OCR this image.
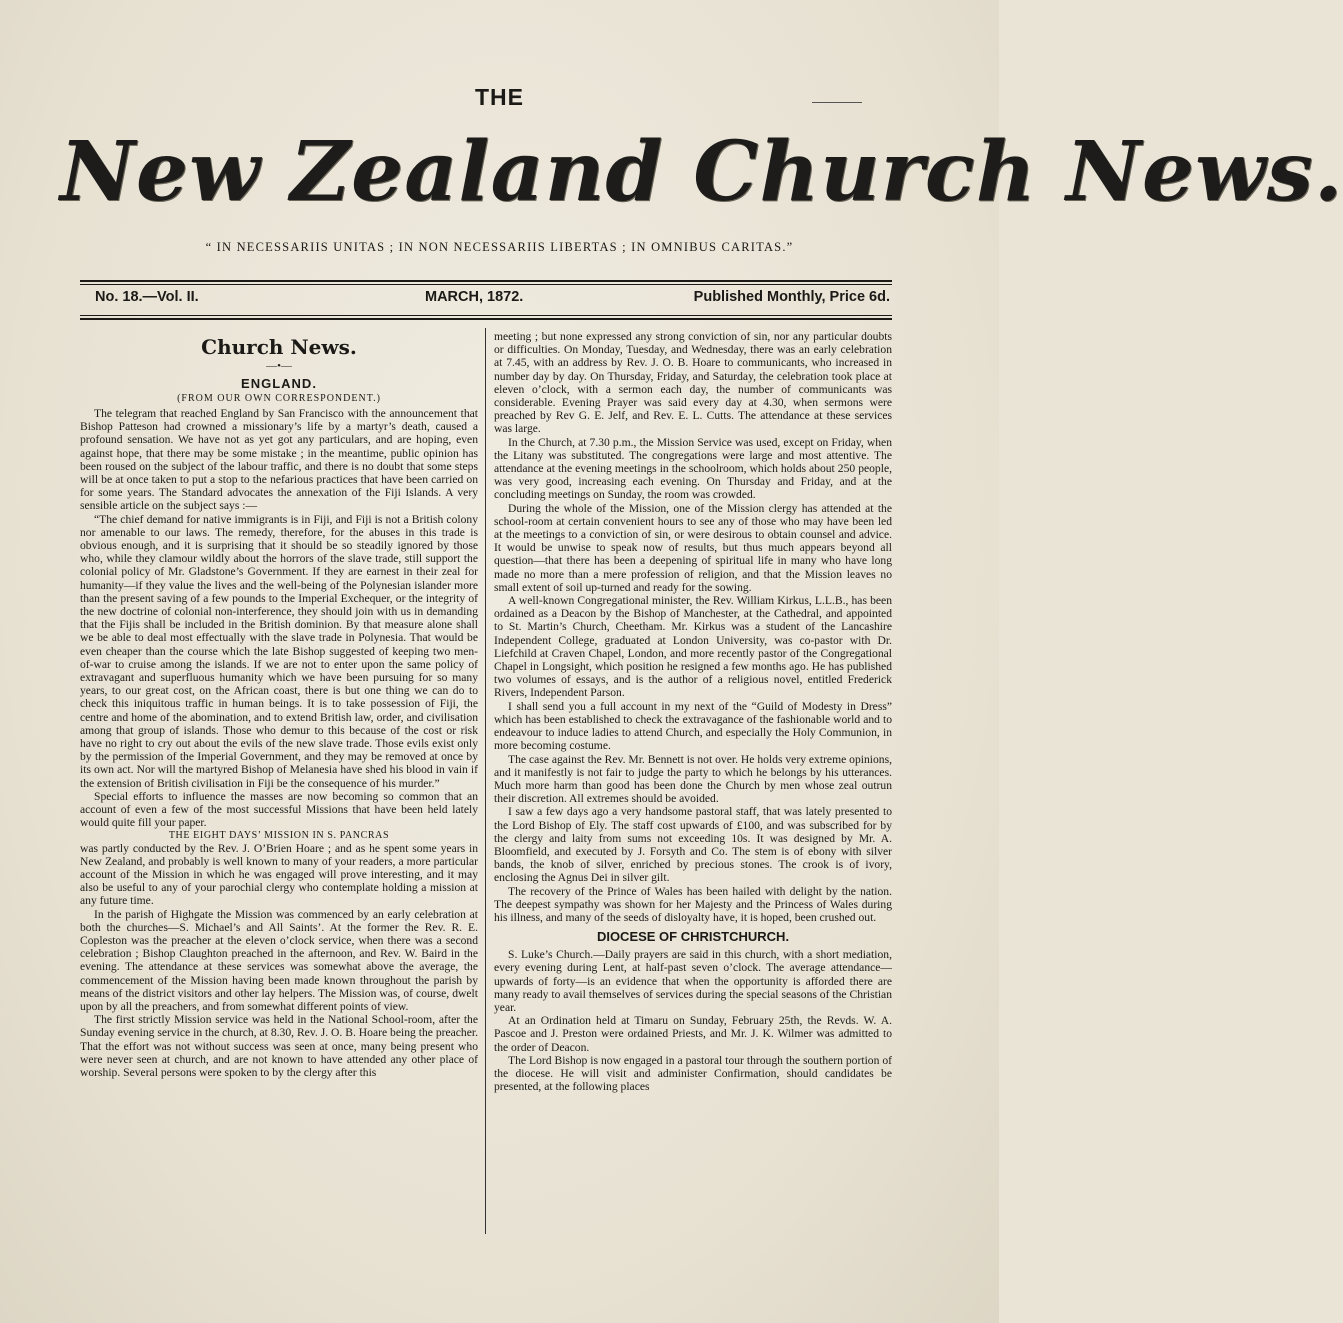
THE
New Zealand Church News.
“ IN NECESSARIIS UNITAS ; IN NON NECESSARIIS LIBERTAS ; IN OMNIBUS CARITAS.”
No. 18.—Vol. II.	MARCH, 1872.	Published Monthly, Price 6d.
Church News.
—•—
ENGLAND.
(FROM OUR OWN CORRESPONDENT.)

The telegram that reached England by San Francisco with the announcement that Bishop Patteson had crowned a missionary’s life by a martyr’s death, caused a profound sensation. We have not as yet got any particulars, and are hoping, even against hope, that there may be some mistake ; in the meantime, public opinion has been roused on the subject of the labour traffic, and there is no doubt that some steps will be at once taken to put a stop to the nefarious practices that have been carried on for some years. The Standard advocates the annexation of the Fiji Islands. A very sensible article on the subject says :—

“The chief demand for native immigrants is in Fiji, and Fiji is not a British colony nor amenable to our laws. The remedy, therefore, for the abuses in this trade is obvious enough, and it is surprising that it should be so steadily ignored by those who, while they clamour wildly about the horrors of the slave trade, still support the colonial policy of Mr. Gladstone’s Government. If they are earnest in their zeal for humanity—if they value the lives and the well-being of the Polynesian islander more than the present saving of a few pounds to the Imperial Exchequer, or the integrity of the new doctrine of colonial non-interference, they should join with us in demanding that the Fijis shall be included in the British dominion. By that measure alone shall we be able to deal most effectually with the slave trade in Polynesia. That would be even cheaper than the course which the late Bishop suggested of keeping two men-of-war to cruise among the islands. If we are not to enter upon the same policy of extravagant and superfluous humanity which we have been pursuing for so many years, to our great cost, on the African coast, there is but one thing we can do to check this iniquitous traffic in human beings. It is to take possession of Fiji, the centre and home of the abomination, and to extend British law, order, and civilisation among that group of islands. Those who demur to this because of the cost or risk have no right to cry out about the evils of the new slave trade. Those evils exist only by the permission of the Imperial Government, and they may be removed at once by its own act. Nor will the martyred Bishop of Melanesia have shed his blood in vain if the extension of British civilisation in Fiji be the consequence of his murder.”

Special efforts to influence the masses are now becoming so common that an account of even a few of the most successful Missions that have been held lately would quite fill your paper.

THE EIGHT DAYS’ MISSION IN S. PANCRAS

was partly conducted by the Rev. J. O’Brien Hoare ; and as he spent some years in New Zealand, and probably is well known to many of your readers, a more particular account of the Mission in which he was engaged will prove interesting, and it may also be useful to any of your parochial clergy who contemplate holding a mission at any future time.

In the parish of Highgate the Mission was commenced by an early celebration at both the churches—S. Michael’s and All Saints’. At the former the Rev. R. E. Copleston was the preacher at the eleven o’clock service, when there was a second celebration ; Bishop Claughton preached in the afternoon, and Rev. W. Baird in the evening. The attendance at these services was somewhat above the average, the commencement of the Mission having been made known throughout the parish by means of the district visitors and other lay helpers. The Mission was, of course, dwelt upon by all the preachers, and from somewhat different points of view.

The first strictly Mission service was held in the National School-room, after the Sunday evening service in the church, at 8.30, Rev. J. O. B. Hoare being the preacher. That the effort was not without success was seen at once, many being present who were never seen at church, and are not known to have attended any other place of worship. Several persons were spoken to by the clergy after this

meeting ; but none expressed any strong conviction of sin, nor any particular doubts or difficulties. On Monday, Tuesday, and Wednesday, there was an early celebration at 7.45, with an address by Rev. J. O. B. Hoare to communicants, who increased in number day by day. On Thursday, Friday, and Saturday, the celebration took place at eleven o’clock, with a sermon each day, the number of communicants was considerable. Evening Prayer was said every day at 4.30, when sermons were preached by Rev G. E. Jelf, and Rev. E. L. Cutts. The attendance at these services was large.

In the Church, at 7.30 p.m., the Mission Service was used, except on Friday, when the Litany was substituted. The congregations were large and most attentive. The attendance at the evening meetings in the schoolroom, which holds about 250 people, was very good, increasing each evening. On Thursday and Friday, and at the concluding meetings on Sunday, the room was crowded.

During the whole of the Mission, one of the Mission clergy has attended at the school-room at certain convenient hours to see any of those who may have been led at the meetings to a conviction of sin, or were desirous to obtain counsel and advice. It would be unwise to speak now of results, but thus much appears beyond all question—that there has been a deepening of spiritual life in many who have long made no more than a mere profession of religion, and that the Mission leaves no small extent of soil up-turned and ready for the sowing.

A well-known Congregational minister, the Rev. William Kirkus, L.L.B., has been ordained as a Deacon by the Bishop of Manchester, at the Cathedral, and appointed to St. Martin’s Church, Cheetham. Mr. Kirkus was a student of the Lancashire Independent College, graduated at London University, was co-pastor with Dr. Liefchild at Craven Chapel, London, and more recently pastor of the Congregational Chapel in Longsight, which position he resigned a few months ago. He has published two volumes of essays, and is the author of a religious novel, entitled Frederick Rivers, Independent Parson.

I shall send you a full account in my next of the “Guild of Modesty in Dress” which has been established to check the extravagance of the fashionable world and to endeavour to induce ladies to attend Church, and especially the Holy Communion, in more becoming costume.

The case against the Rev. Mr. Bennett is not over. He holds very extreme opinions, and it manifestly is not fair to judge the party to which he belongs by his utterances. Much more harm than good has been done the Church by men whose zeal outrun their discretion. All extremes should be avoided.

I saw a few days ago a very handsome pastoral staff, that was lately presented to the Lord Bishop of Ely. The staff cost upwards of £100, and was subscribed for by the clergy and laity from sums not exceeding 10s. It was designed by Mr. A. Bloomfield, and executed by J. Forsyth and Co. The stem is of ebony with silver bands, the knob of silver, enriched by precious stones. The crook is of ivory, enclosing the Agnus Dei in silver gilt.

The recovery of the Prince of Wales has been hailed with delight by the nation. The deepest sympathy was shown for her Majesty and the Princess of Wales during his illness, and many of the seeds of disloyalty have, it is hoped, been crushed out.

DIOCESE OF CHRISTCHURCH.

S. Luke’s Church.—Daily prayers are said in this church, with a short mediation, every evening during Lent, at half-past seven o’clock. The average attendance—upwards of forty—is an evidence that when the opportunity is afforded there are many ready to avail themselves of services during the special seasons of the Christian year.

At an Ordination held at Timaru on Sunday, February 25th, the Revds. W. A. Pascoe and J. Preston were ordained Priests, and Mr. J. K. Wilmer was admitted to the order of Deacon.

The Lord Bishop is now engaged in a pastoral tour through the southern portion of the diocese. He will visit and administer Confirmation, should candidates be presented, at the following places
